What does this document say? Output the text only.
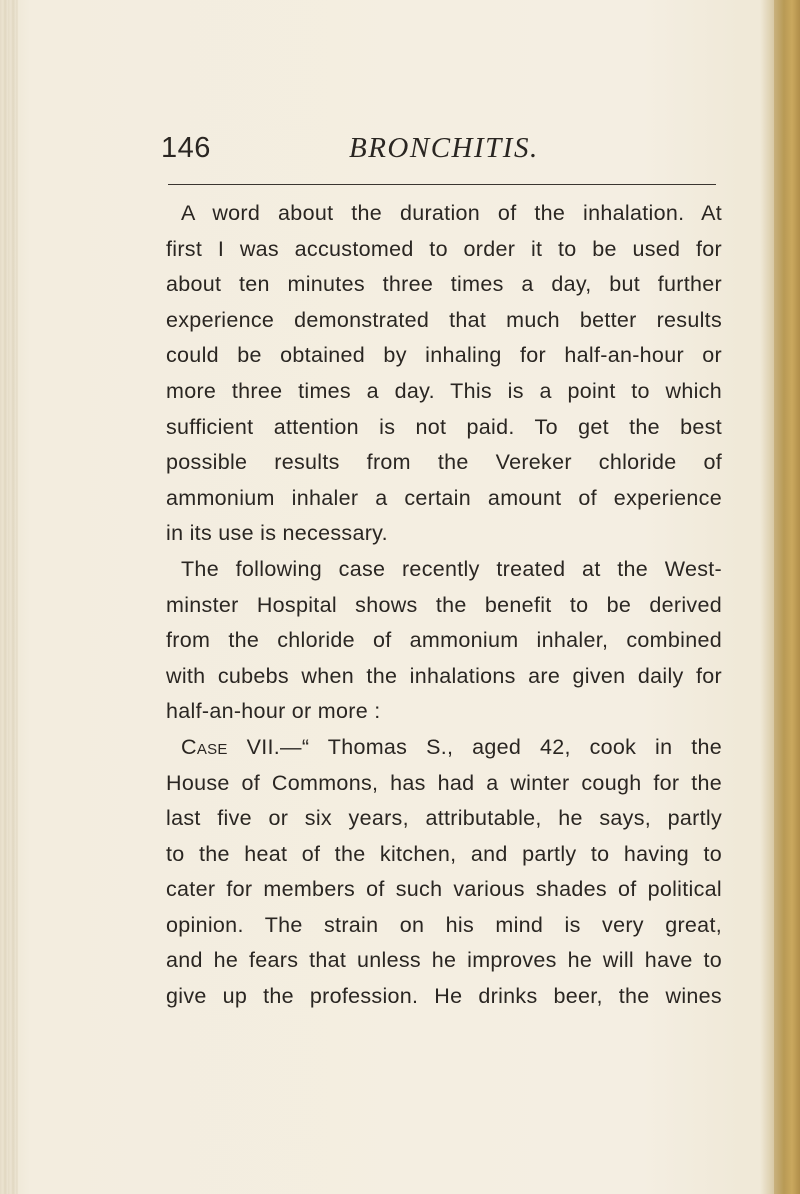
146	BRONCHITIS.
A word about the duration of the inhalation. At
first I was accustomed to order it to be used for
about ten minutes three times a day, but further
experience demonstrated that much better results
could be obtained by inhaling for half-an-hour or
more three times a day. This is a point to which
sufficient attention is not paid. To get the best
possible results from the Vereker chloride of
ammonium inhaler a certain amount of experience
in its use is necessary.
The following case recently treated at the West-
minster Hospital shows the benefit to be derived
from the chloride of ammonium inhaler, combined
with cubebs when the inhalations are given daily for
half-an-hour or more :
Case VII.—“ Thomas S., aged 42, cook in the
House of Commons, has had a winter cough for the
last five or six years, attributable, he says, partly
to the heat of the kitchen, and partly to having to
cater for members of such various shades of political
opinion. The strain on his mind is very great,
and he fears that unless he improves he will have to
give up the profession. He drinks beer, the wines
